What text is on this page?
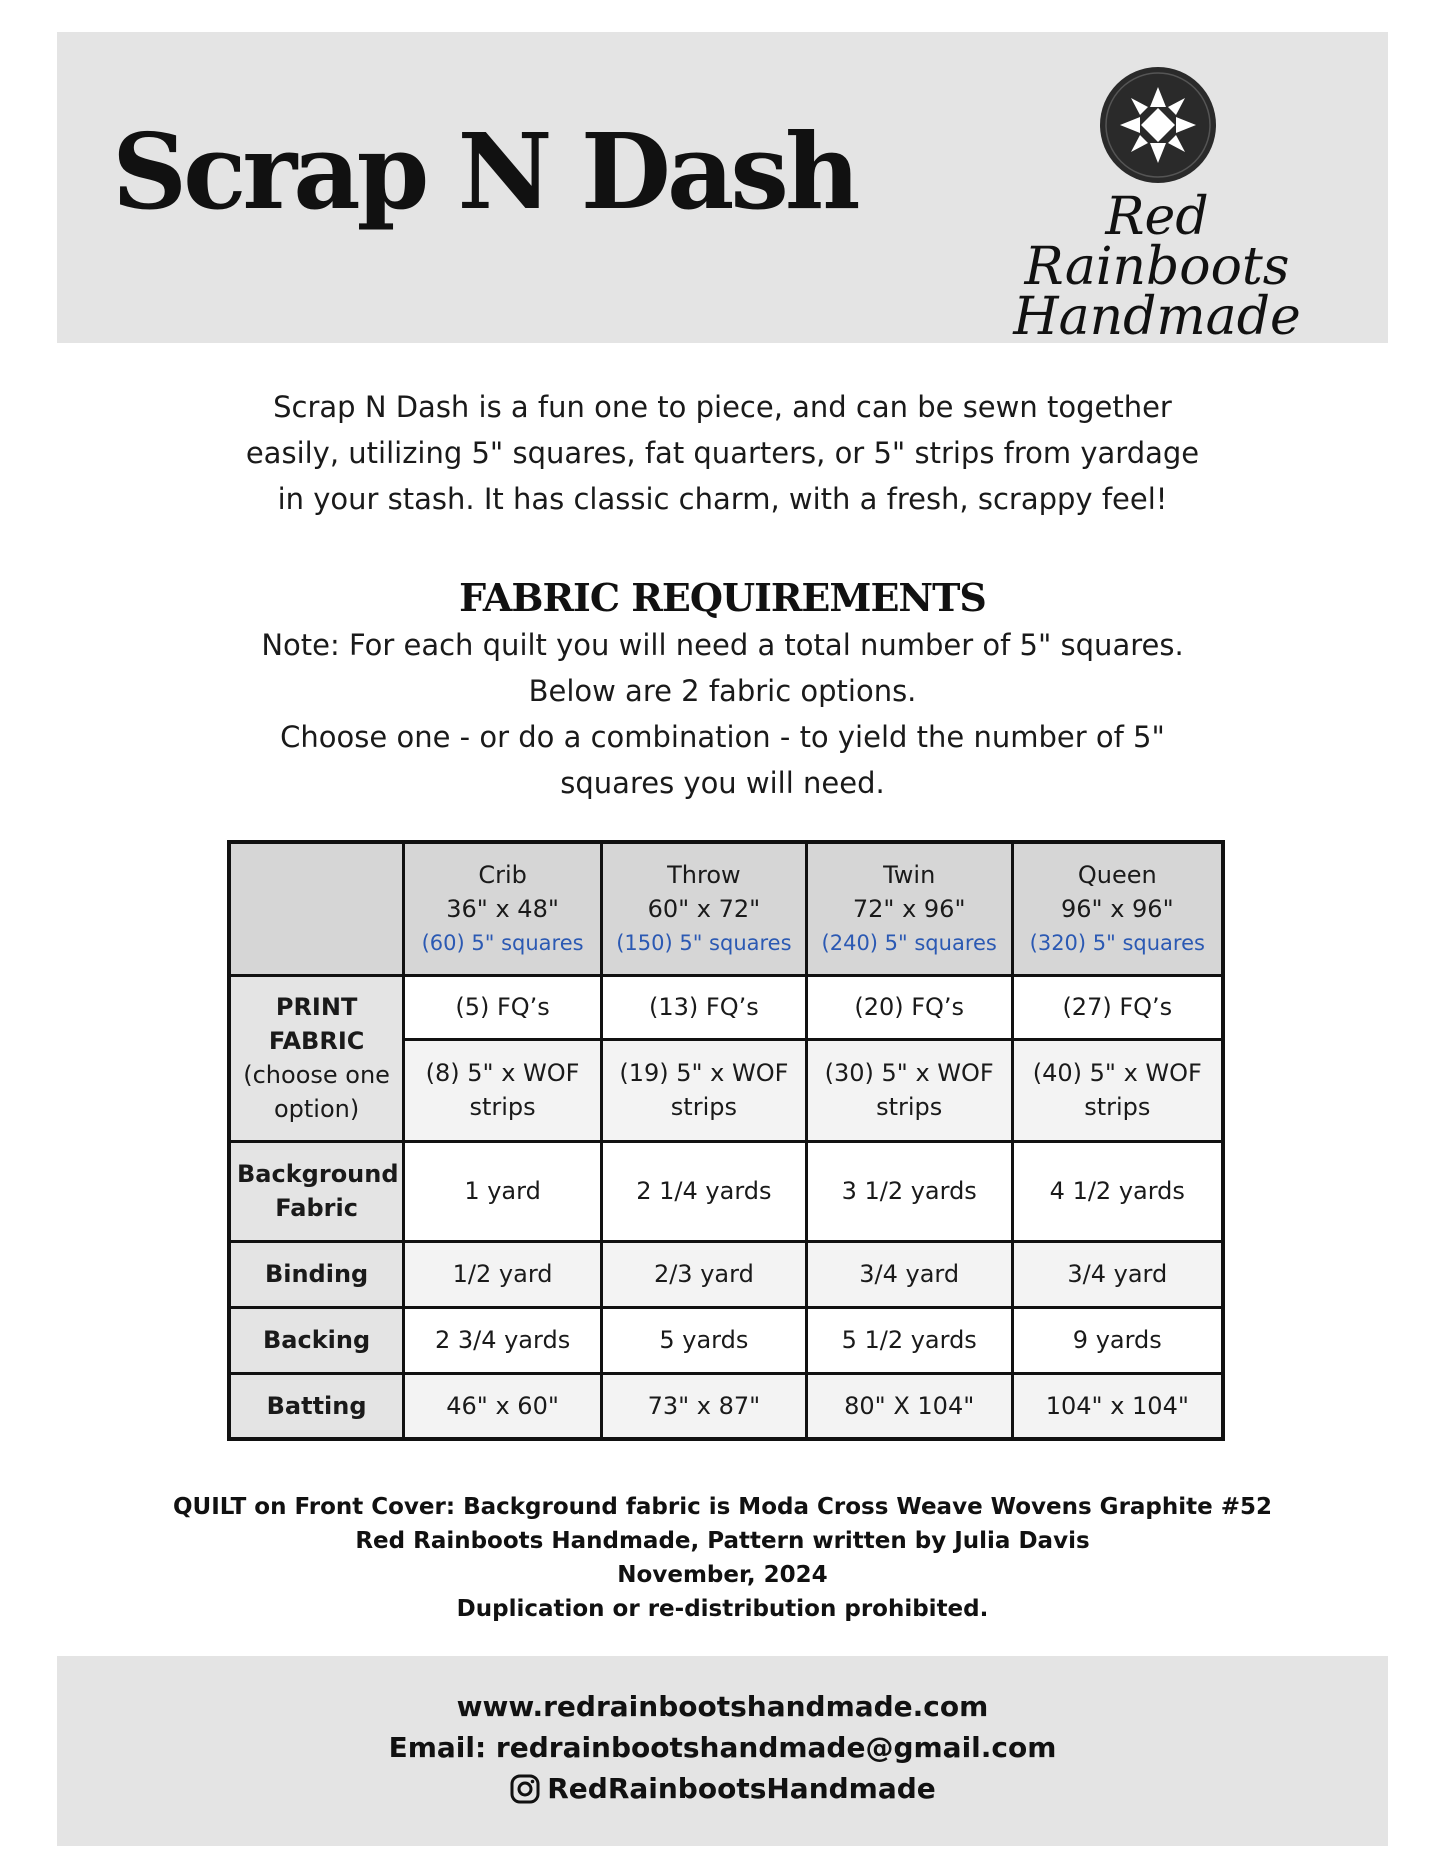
Scrap N Dash	Red Rainboots
Handmade

Scrap N Dash is a fun one to piece, and can be sewn together

easily, utilizing 5" squares, fat quarters, or 5" strips from yardage

in your stash. It has classic charm, with a fresh, scrappy feel!

FABRIC REQUIREMENTS

Note: For each quilt you will need a total number of 5" squares.

Below are 2 fabric options.

Choose one - or do a combination - to yield the number of 5"

squares you will need.

	Crib
36" x 48"
(60) 5" squares	Throw
60" x 72"
(150) 5" squares	Twin
72" x 96"
(240) 5" squares	Queen
96" x 96"
(320) 5" squares

PRINT
FABRIC
(choose one
option)	(5) FQ’s	(13) FQ’s	(20) FQ’s	(27) FQ’s

	(8) 5" x WOF
strips	(19) 5" x WOF
strips	(30) 5" x WOF
strips	(40) 5" x WOF
strips

Background
Fabric	1 yard	2 1/4 yards	3 1/2 yards	4 1/2 yards
Binding	1/2 yard	2/3 yard	3/4 yard	3/4 yard
Backing	2 3/4 yards	5 yards	5 1/2 yards	9 yards
Batting	46" x 60"	73" x 87"	80" X 104"	104" x 104"

QUILT on Front Cover: Background fabric is Moda Cross Weave Wovens Graphite #52

Red Rainboots Handmade, Pattern written by Julia Davis

November, 2024

Duplication or re-distribution prohibited.

www.redrainbootshandmade.com

Email: redrainbootshandmade@gmail.com

RedRainbootsHandmade
